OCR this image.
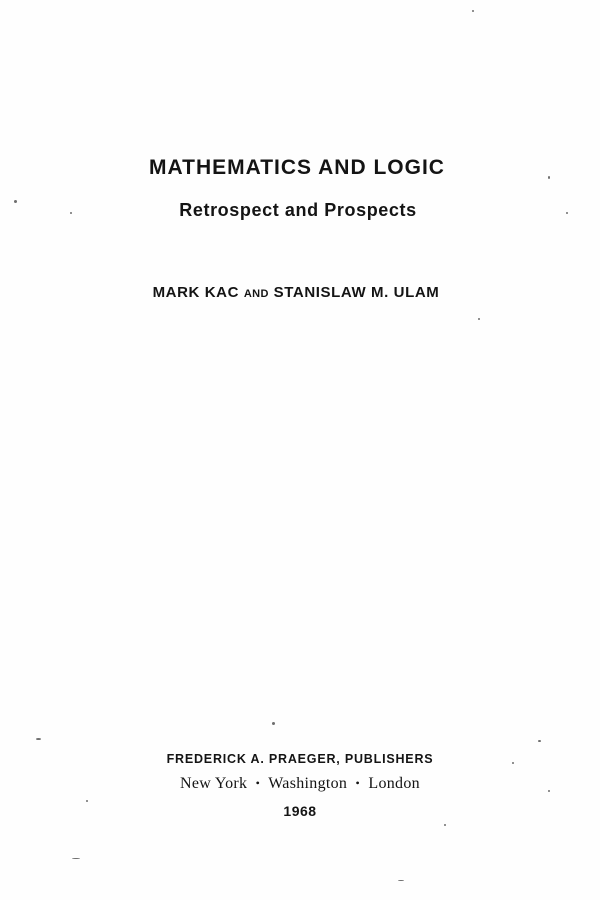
MATHEMATICS AND LOGIC
Retrospect and Prospects
MARK KAC AND STANISLAW M. ULAM
FREDERICK A. PRAEGER, PUBLISHERS
New York • Washington • London
1968
